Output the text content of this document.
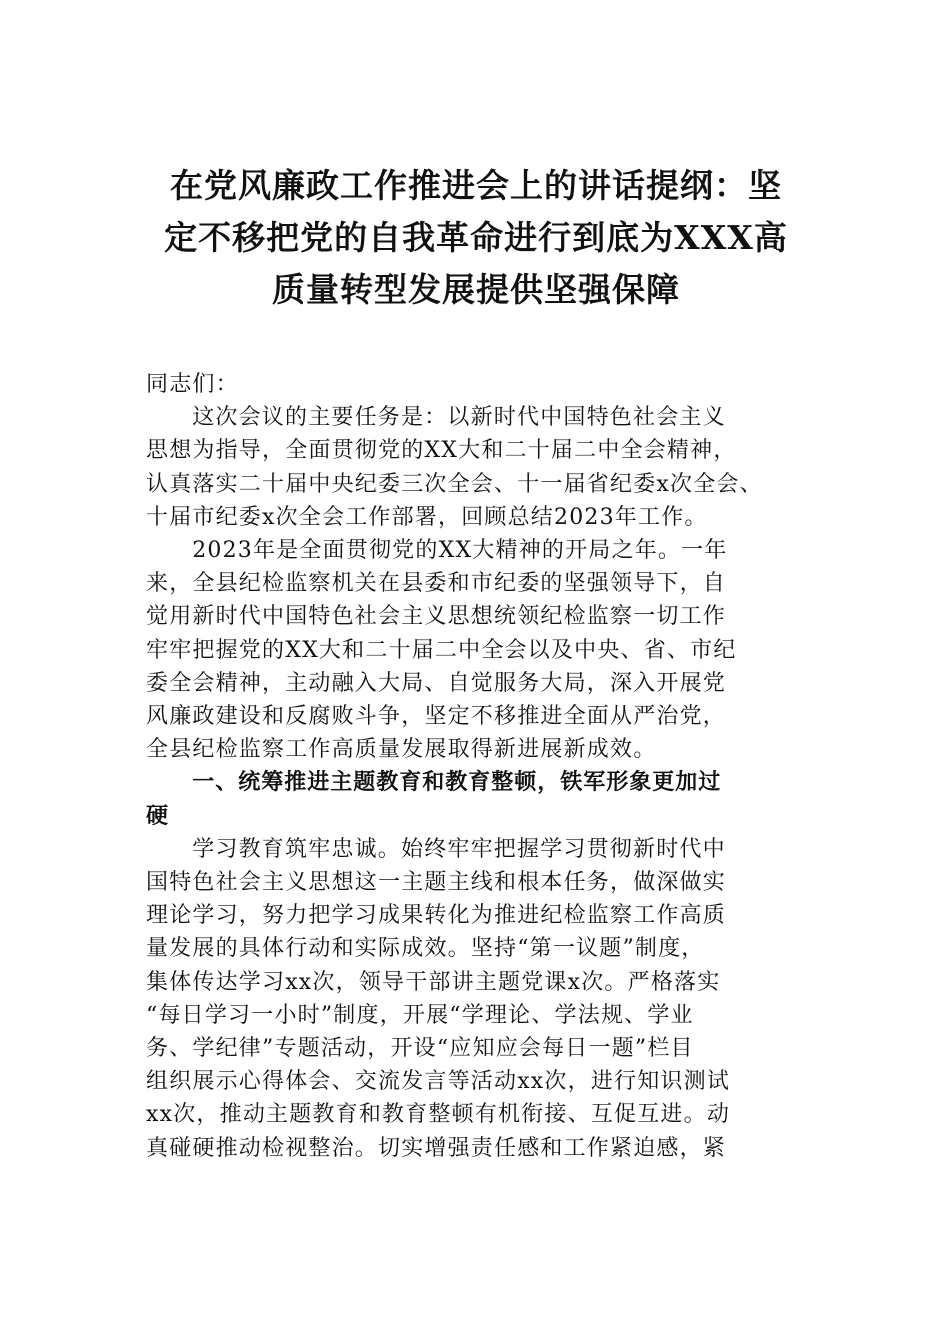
在党风廉政工作推进会上的讲话提纲：坚
定不移把党的自我革命进行到底为XXX高
质量转型发展提供坚强保障

同志们：

这次会议的主要任务是：以新时代中国特色社会主义
思想为指导，全面贯彻党的XX大和二十届二中全会精神，
认真落实二十届中央纪委三次全会、十一届省纪委x次全会、
十届市纪委x次全会工作部署，回顾总结2023年工作。

2023年是全面贯彻党的XX大精神的开局之年。一年
来，全县纪检监察机关在县委和市纪委的坚强领导下，自
觉用新时代中国特色社会主义思想统领纪检监察一切工作
牢牢把握党的XX大和二十届二中全会以及中央、省、市纪
委全会精神，主动融入大局、自觉服务大局，深入开展党
风廉政建设和反腐败斗争，坚定不移推进全面从严治党，
全县纪检监察工作高质量发展取得新进展新成效。

一、统筹推进主题教育和教育整顿，铁军形象更加过
硬

学习教育筑牢忠诚。始终牢牢把握学习贯彻新时代中
国特色社会主义思想这一主题主线和根本任务，做深做实
理论学习，努力把学习成果转化为推进纪检监察工作高质
量发展的具体行动和实际成效。坚持“第一议题”制度，
集体传达学习xx次，领导干部讲主题党课x次。严格落实
“每日学习一小时”制度，开展“学理论、学法规、学业
务、学纪律”专题活动，开设“应知应会每日一题”栏目
组织展示心得体会、交流发言等活动xx次，进行知识测试
xx次，推动主题教育和教育整顿有机衔接、互促互进。动
真碰硬推动检视整治。切实增强责任感和工作紧迫感，紧
